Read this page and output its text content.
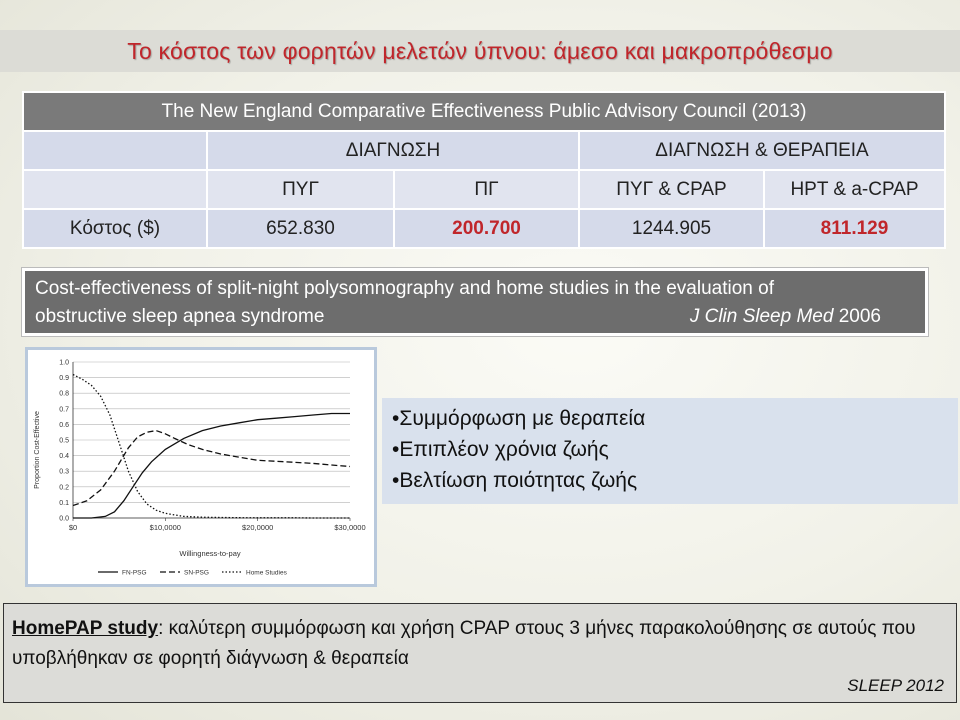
Το κόστος των φορητών μελετών ύπνου: άμεσο και μακροπρόθεσμο
The New England Comparative Effectiveness Public Advisory Council (2013)				
	ΔΙΑΓΝΩΣΗ		ΔΙΑΓΝΩΣΗ & ΘΕΡΑΠΕΙΑ	
	ΠΥΓ	ΠΓ	ΠΥΓ & CPAP	HPT & a-CPAP
Κόστος ($)	652.830	200.700	1244.905	811.129
Cost-effectiveness of split-night polysomnography and home studies in the evaluation of
obstructive sleep apnea syndrome	J Clin Sleep Med 2006
0.0
0.1
0.2
0.3
0.4
0.5
0.6
0.7
0.8
0.9
1.0
$0	$10,0000	$20,0000	$30,0000
Willingness-to-pay
Proportion Cost-Effective
FN-PSG	SN-PSG	Home Studies
•Συμμόρφωση με θεραπεία
•Επιπλέον χρόνια ζωής
•Βελτίωση ποιότητας ζωής
HomePAP study: καλύτερη συμμόρφωση και χρήση CPAP στους 3 μήνες παρακολούθησης σε αυτούς που υποβλήθηκαν σε φορητή διάγνωση & θεραπεία
SLEEP 2012
